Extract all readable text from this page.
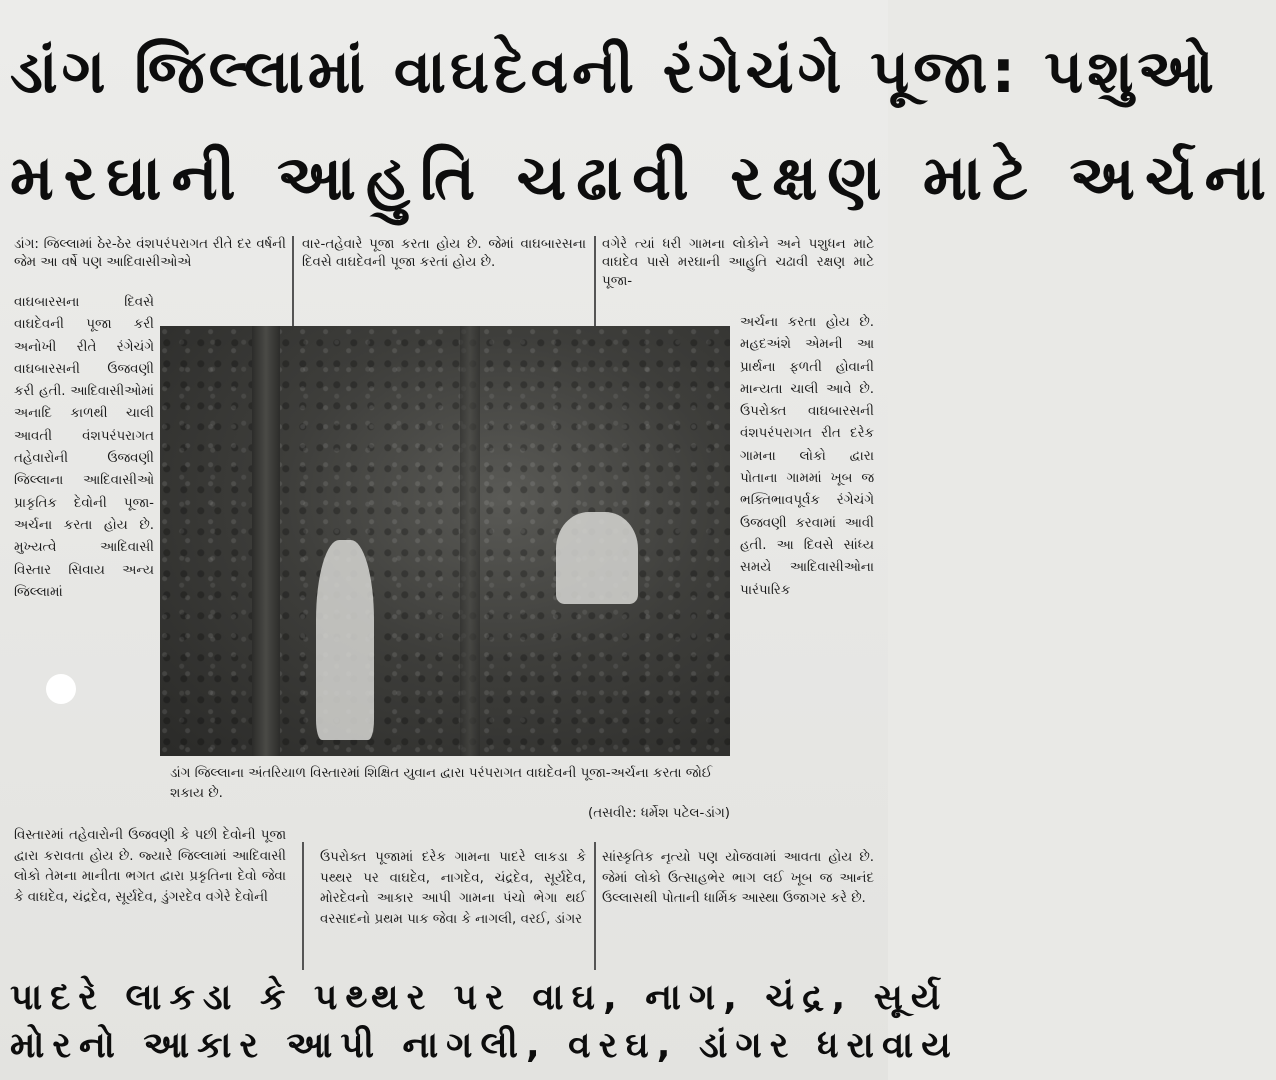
ડાંગ જિલ્લામાં વાઘદેવની રંગેચંગે પૂજા: પશુઓ
મરઘાની આહુતિ ચઢાવી રક્ષણ માટે અર્ચના

ડાંગ: જિલ્લામાં ઠેર-ઠેર વંશપરંપરાગત રીતે દર વર્ષની જેમ આ વર્ષે પણ આદિવાસીઓએ

વાર-તહેવારે પૂજા કરતા હોય છે. જેમાં વાઘબારસના દિવસે વાઘદેવની પૂજા કરતાં હોય છે.

વગેરે ત્યાં ધરી ગામના લોકોને અને પશુધન માટે વાઘદેવ પાસે મરઘાની આહુતિ ચઢાવી રક્ષણ માટે પૂજા-

વાઘબારસના દિવસે વાઘદેવની પૂજા કરી અનોખી રીતે રંગેચંગે વાઘબારસની ઉજવણી કરી હતી. આદિવાસીઓમાં અનાદિ કાળથી ચાલી આવતી વંશપરંપરાગત તહેવારોની ઉજવણી જિલ્લાના આદિવાસીઓ પ્રાકૃતિક દેવોની પૂજા-અર્ચના કરતા હોય છે. મુખ્યત્વે આદિવાસી વિસ્તાર સિવાય અન્ય જિલ્લામાં

અર્ચના કરતા હોય છે. મહદઅંશે એમની આ પ્રાર્થના ફળતી હોવાની માન્યતા ચાલી આવે છે. ઉપરોક્ત વાઘબારસની વંશપરંપરાગત રીત દરેક ગામના લોકો દ્વારા પોતાના ગામમાં ખૂબ જ ભક્તિભાવપૂર્વક રંગેચંગે ઉજવણી કરવામાં આવી હતી. આ દિવસે સાંધ્ય સમયે આદિવાસીઓના પારંપારિક

ડાંગ જિલ્લાના અંતરિયાળ વિસ્તારમાં શિક્ષિત યુવાન દ્વારા પરંપરાગત વાઘદેવની પૂજા-અર્ચના કરતા જોઈ શકાય છે.
(તસવીર: ધર્મેશ પટેલ-ડાંગ)

વિસ્તારમાં તહેવારોની ઉજવણી કે પછી દેવોની પૂજા દ્વારા કરાવતા હોય છે. જ્યારે જિલ્લામાં આદિવાસી લોકો તેમના માનીતા ભગત દ્વારા પ્રકૃતિના દેવો જેવા કે વાઘદેવ, ચંદ્રદેવ, સૂર્યદેવ, ડુંગરદેવ વગેરે દેવોની

ઉપરોક્ત પૂજામાં દરેક ગામના પાદરે લાકડા કે પથ્થર પર વાઘદેવ, નાગદેવ, ચંદ્રદેવ, સૂર્યદેવ, મોરદેવનો આકાર આપી ગામના પંચો ભેગા થઈ વરસાદનો પ્રથમ પાક જેવા કે નાગલી, વરઈ, ડાંગર

સાંસ્કૃતિક નૃત્યો પણ યોજવામાં આવતા હોય છે. જેમાં લોકો ઉત્સાહભેર ભાગ લઈ ખૂબ જ આનંદ ઉલ્લાસથી પોતાની ધાર્મિક આસ્થા ઉજાગર કરે છે.

પાદરે લાકડા કે પથ્થર પર વાઘ, નાગ, ચંદ્ર, સૂર્ય
મોરનો આકાર આપી નાગલી, વરઘ, ડાંગર ધરાવાય
